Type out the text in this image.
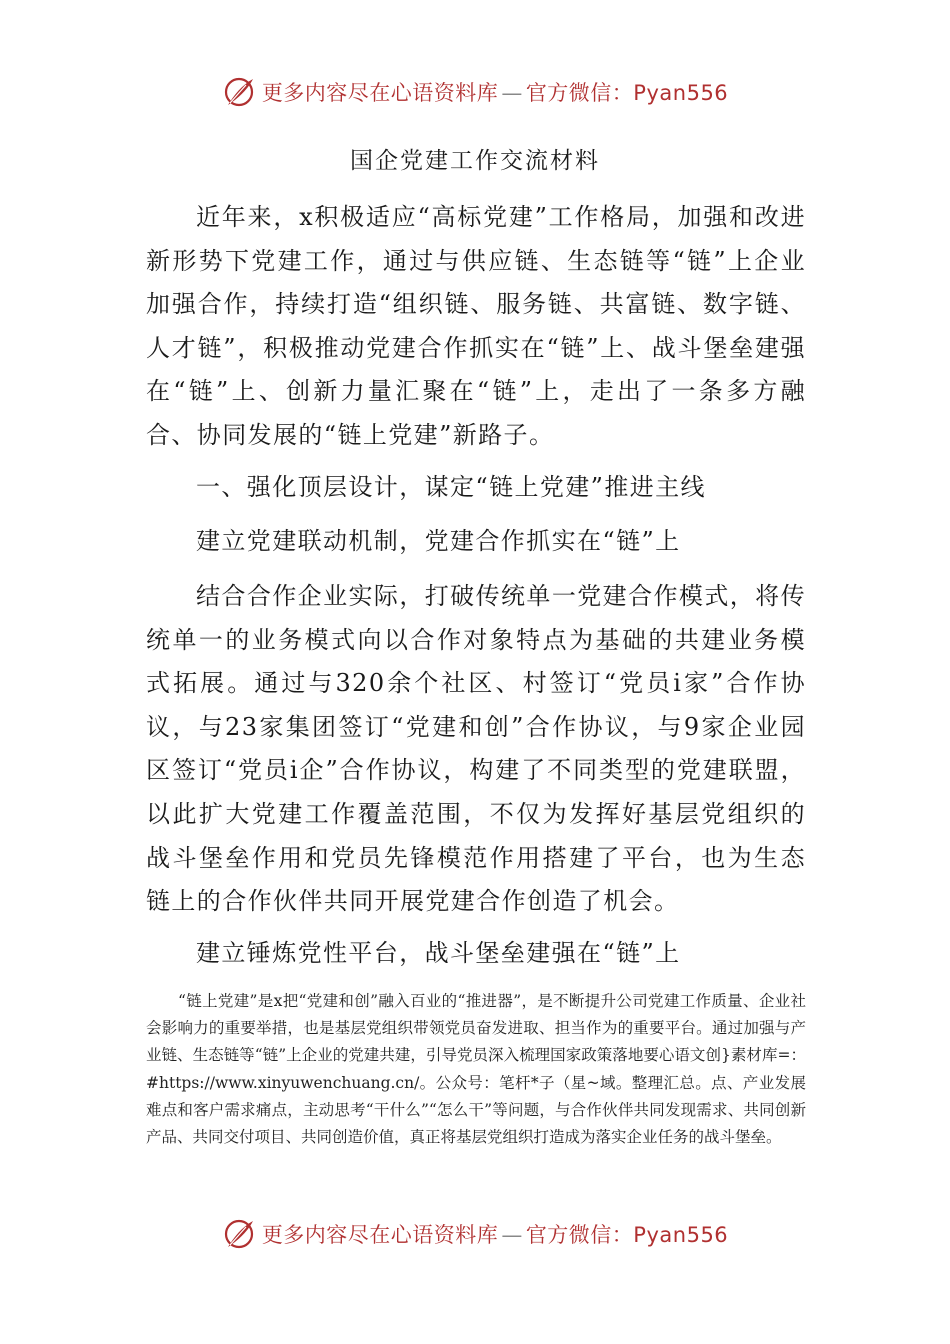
更多内容尽在心语资料库 — 官方微信：Pyan556
国企党建工作交流材料

近年来，x积极适应“高标党建”工作格局，加强和改进新形势下党建工作，通过与供应链、生态链等“链”上企业加强合作，持续打造“组织链、服务链、共富链、数字链、人才链”，积极推动党建合作抓实在“链”上、战斗堡垒建强在“链”上、创新力量汇聚在“链”上，走出了一条多方融合、协同发展的“链上党建”新路子。

一、强化顶层设计，谋定“链上党建”推进主线

建立党建联动机制，党建合作抓实在“链”上

结合合作企业实际，打破传统单一党建合作模式，将传统单一的业务模式向以合作对象特点为基础的共建业务模式拓展。通过与320余个社区、村签订“党员i家”合作协议，与23家集团签订“党建和创”合作协议，与9家企业园区签订“党员i企”合作协议，构建了不同类型的党建联盟，以此扩大党建工作覆盖范围，不仅为发挥好基层党组织的战斗堡垒作用和党员先锋模范作用搭建了平台，也为生态链上的合作伙伴共同开展党建合作创造了机会。

建立锤炼党性平台，战斗堡垒建强在“链”上

“链上党建”是x把“党建和创”融入百业的“推进器”，是不断提升公司党建工作质量、企业社会影响力的重要举措，也是基层党组织带领党员奋发进取、担当作为的重要平台。通过加强与产业链、生态链等“链”上企业的党建共建，引导党员深入梳理国家政策落地要心语文创}素材库=：#https://www.xinyuwenchuang.cn/。公众号：笔杆*子（星~域。整理汇总。点、产业发展难点和客户需求痛点，主动思考“干什么”“怎么干”等问题，与合作伙伴共同发现需求、共同创新产品、共同交付项目、共同创造价值，真正将基层党组织打造成为落实企业任务的战斗堡垒。

更多内容尽在心语资料库 — 官方微信：Pyan556
